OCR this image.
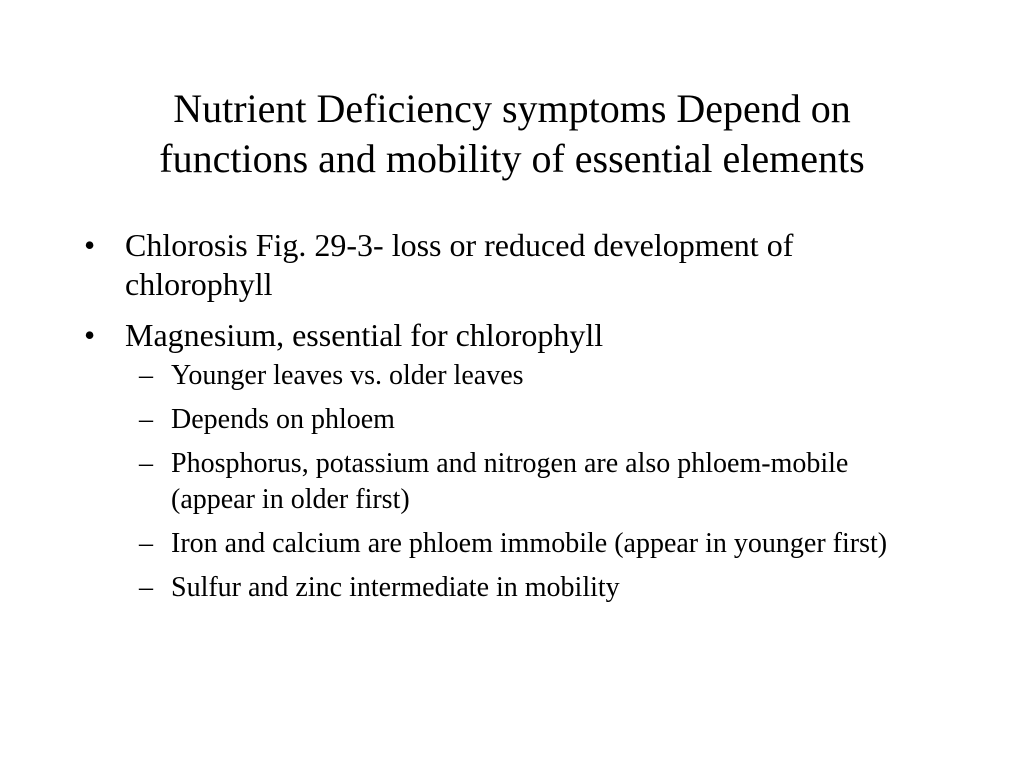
Nutrient Deficiency symptoms Depend on
functions and mobility of essential elements
• Chlorosis Fig. 29-3- loss or reduced development of chlorophyll
• Magnesium, essential for chlorophyll
– Younger leaves vs. older leaves
– Depends on phloem
– Phosphorus, potassium and nitrogen are also phloem-mobile (appear in older first)
– Iron and calcium are phloem immobile (appear in younger first)
– Sulfur and zinc intermediate in mobility
